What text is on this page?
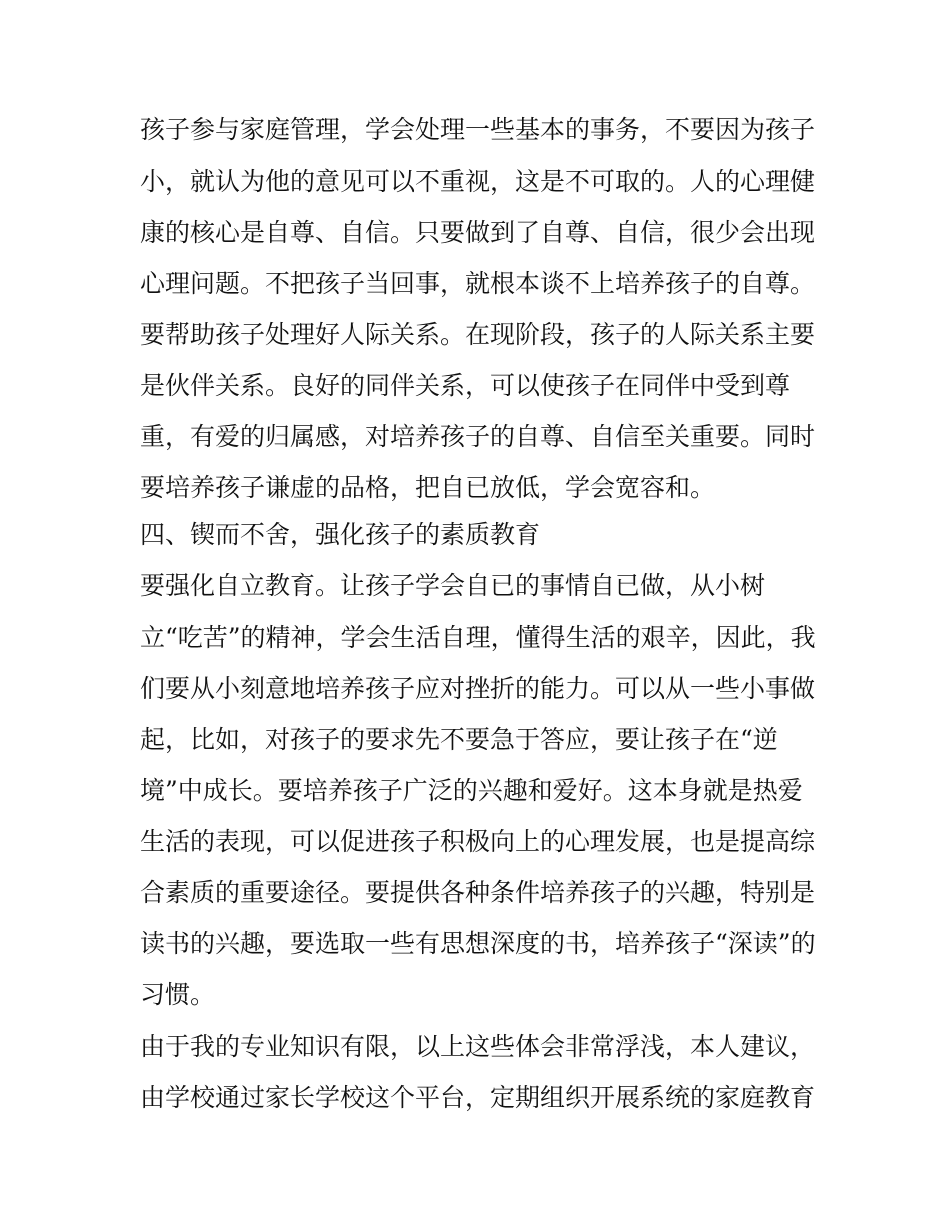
孩子参与家庭管理，学会处理一些基本的事务，不要因为孩子
小，就认为他的意见可以不重视，这是不可取的。人的心理健
康的核心是自尊、自信。只要做到了自尊、自信，很少会出现
心理问题。不把孩子当回事，就根本谈不上培养孩子的自尊。
要帮助孩子处理好人际关系。在现阶段，孩子的人际关系主要
是伙伴关系。良好的同伴关系，可以使孩子在同伴中受到尊
重，有爱的归属感，对培养孩子的自尊、自信至关重要。同时
要培养孩子谦虚的品格，把自已放低，学会宽容和。
四、锲而不舍，强化孩子的素质教育
要强化自立教育。让孩子学会自已的事情自已做，从小树
立“吃苦”的精神，学会生活自理，懂得生活的艰辛，因此，我
们要从小刻意地培养孩子应对挫折的能力。可以从一些小事做
起，比如，对孩子的要求先不要急于答应，要让孩子在“逆
境”中成长。要培养孩子广泛的兴趣和爱好。这本身就是热爱
生活的表现，可以促进孩子积极向上的心理发展，也是提高综
合素质的重要途径。要提供各种条件培养孩子的兴趣，特别是
读书的兴趣，要选取一些有思想深度的书，培养孩子“深读”的
习惯。
由于我的专业知识有限，以上这些体会非常浮浅，本人建议，
由学校通过家长学校这个平台，定期组织开展系统的家庭教育
